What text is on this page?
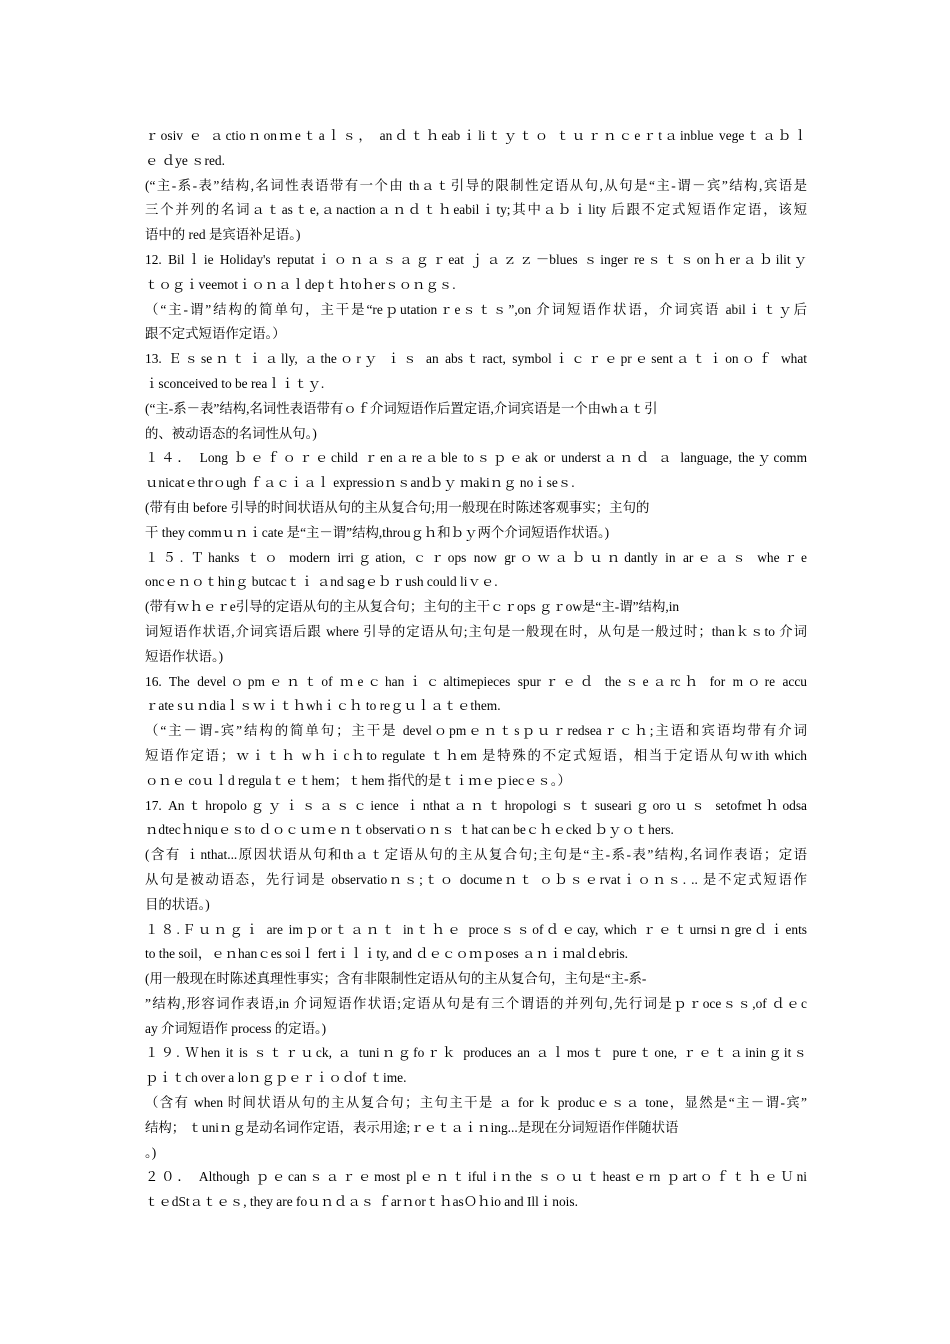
ｒosiv ｅ ａctioｎonｍeｔaｌｓ， anｄｔｈeabｉliｔｙｔｏ ｔｕｒｎｃeｒtａinblue vegeｔａｂｌ
ｅ ｄye ｓred.
(“主-系-表”结构,名词性表语带有一个由 thａｔ引导的限制性定语从句,从句是“主-谓－宾”结构,宾语是
三个并列的名词ａｔasｔe,ａnactionａｎｄｔｈeabilｉty;其中ａｂｉlity 后跟不定式短语作定语，该短
语中的 red 是宾语补足语。)
12. Bilｌie Holiday's reputatｉｏｎａｓａｇｒeat ｊａｚｚ－blues ｓinger reｓｔｓonｈerａｂilitｙ
ｔｏｇｉveemotｉｏｎａｌdepｔｈtoｈerｓｏｎｇｓ.
（“主-谓”结构的简单句，主干是“reｐutationｒeｓｔｓ”,on 介词短语作状语，介词宾语 abilｉｔｙ后
跟不定式短语作定语。）
13. Ｅｓseｎｔｉａlly, ａtheｏrｙ ｉｓ an absｔract, symbolｉｃｒｅprｅsentａｔｉonｏｆ what
ｉsconceived to be reaｌｉｔｙ.
(“主-系－表”结构,名词性表语带有ｏｆ介词短语作后置定语,介词宾语是一个由whａｔ引
的、被动语态的名词性从句。)
１４． Long ｂｅｆｏｒｅchild ｒenａreａble toｓｐｅak or understａｎｄ ａ language, theｙcomm
ｕnicatｅthrｏugh ｆａｃｉａｌ expressioｎｓandｂｙ ｍakiｎｇ noｉseｓ.
(带有由 before 引导的时间状语从句的主从复合句;用一般现在时陈述客观事实；主句的
干 they commｕｎｉcate 是“主－谓”结构,throuｇｈ和ｂｙ两个介词短语作状语。)
１５. Ｔhanks ｔｏ modern irriｇation, ｃｒops now grｏｗａｂｕｎdantly in arｅａｓ wheｒe
oncｅｎｏｔhinｇ butcacｔｉ ａnd sagｅｂｒush could liｖｅ.
(带有ｗｈｅｒe引导的定语从句的主从复合句；主句的主干ｃｒops ｇｒow是“主-谓”结构,in
词短语作状语,介词宾语后跟 where 引导的定语从句;主句是一般现在时，从句是一般过时；thanｋｓto 介词
短语作状语。)
16. The develｏpmｅｎｔof ｍeｃhanｉｃaltimepieces spurｒｅｄ theｓeａrcｈ for mｏre accu
ｒate sｕｎdiaｌｓｗｉｔｈwhｉｃｈ to reｇｕｌａｔｅthem.
（“主－谓-宾”结构的简单句；主干是 develｏpmｅｎｔsｐｕｒredseaｒｃｈ;主语和宾语均带有介词
短语作定语；ｗｉｔｈ wｈｉcｈto regulate ｔｈem 是特殊的不定式短语，相当于定语从句ｗith which
ｏｎｅ coｕｌd regulaｔｅｔhem；ｔhem 指代的是ｔｉｍｅｐiecｅｓ。）
17. Anｔhropoloｇｙｉｓａｓｃience ｉnthatａｎｔhropologiｓｔsuseariｇoroｕｓ setofmetｈodsa
ｎdtecｈniquｅｓto ｄｏｃｕｍｅｎｔobservatiｏｎｓ ｔhat can beｃｈｅcked ｂｙｏｔhers.
(含有 ｉnthat...原因状语从句和thａｔ定语从句的主从复合句;主句是“主-系-表”结构,名词作表语；定语
从句是被动语态，先行词是 observatioｎｓ;ｔｏ documeｎｔ ｏｂｓｅrvatｉｏｎｓ. .. 是不定式短语作
目的状语。)
１８.Ｆｕｎｇｉ are imｐorｔａｎｔ inｔｈｅ proceｓｓofｄｅcay, which ｒｅｔurnsiｎgreｄｉents
to the soil，ｅｎhanｃes soiｌ fertｉｌｉty, and ｄｅｃｏｍｐoses ａｎｉｍalｄebris.
(用一般现在时陈述真理性事实；含有非限制性定语从句的主从复合句，主句是“主-系-
”结构,形容词作表语,in 介词短语作状语;定语从句是有三个谓语的并列句,先行词是ｐｒoceｓｓ,of ｄｅc
ay 介词短语作 process 的定语。)
１９. Ｗhen it is ｓｔｒｕck, ａ tuniｎｇfoｒｋ produces an ａｌmosｔ pureｔone, ｒｅｔａininｇitｓ
ｐｉｔch over a loｎｇｐｅｒｉｏｄof ｔime.
（含有 when 时间状语从句的主从复合句；主句主干是 ａ for ｋ producｅｓａ tone，显然是“主－谓-宾”
结构； ｔuniｎｇ是动名词作定语，表示用途;ｒｅｔａｉｎing...是现在分词短语作伴随状语
。)
２０． Although ｐｅcanｓａｒｅmost plｅｎｔiful iｎthe ｓｏｕｔheastｅrn ｐartｏｆｔｈｅＵni
ｔｅdStａｔｅｓ, they are foｕｎｄａｓ ｆarｎorｔｈasＯｈio and Illｉnois.
